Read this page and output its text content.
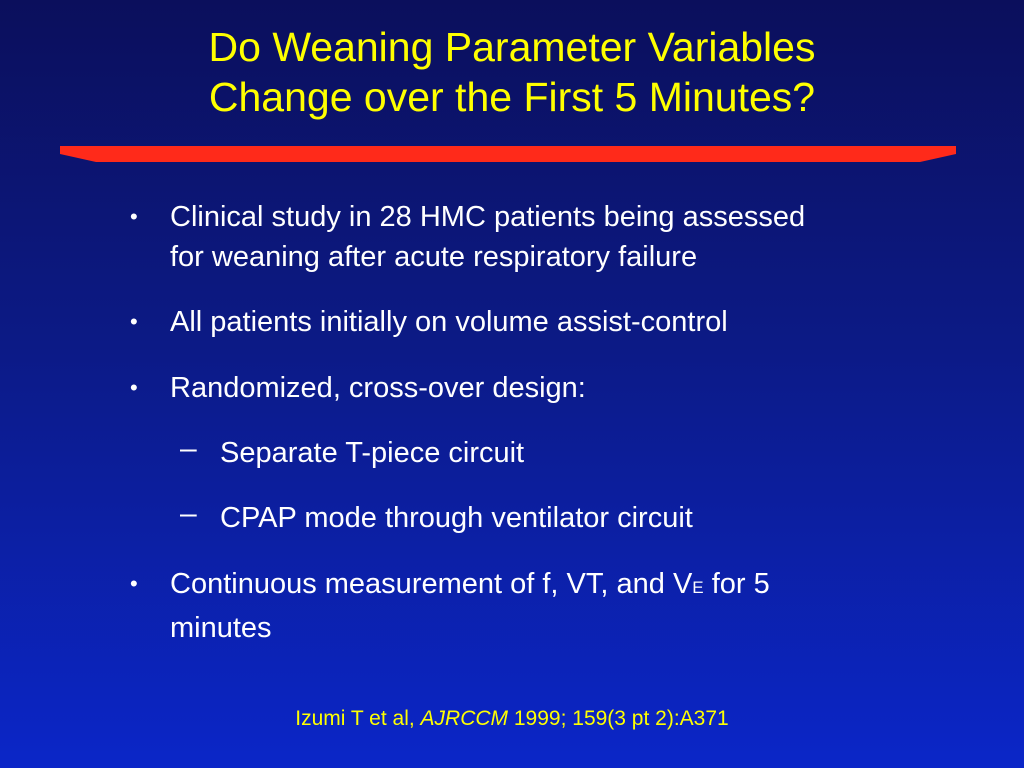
Do Weaning Parameter Variables
Change over the First 5 Minutes?
• Clinical study in 28 HMC patients being assessed
for weaning after acute respiratory failure
• All patients initially on volume assist-control
• Randomized, cross-over design:
– Separate T-piece circuit
– CPAP mode through ventilator circuit
• Continuous measurement of f, VT, and VE for 5
minutes
Izumi T et al, AJRCCM 1999; 159(3 pt 2):A371
